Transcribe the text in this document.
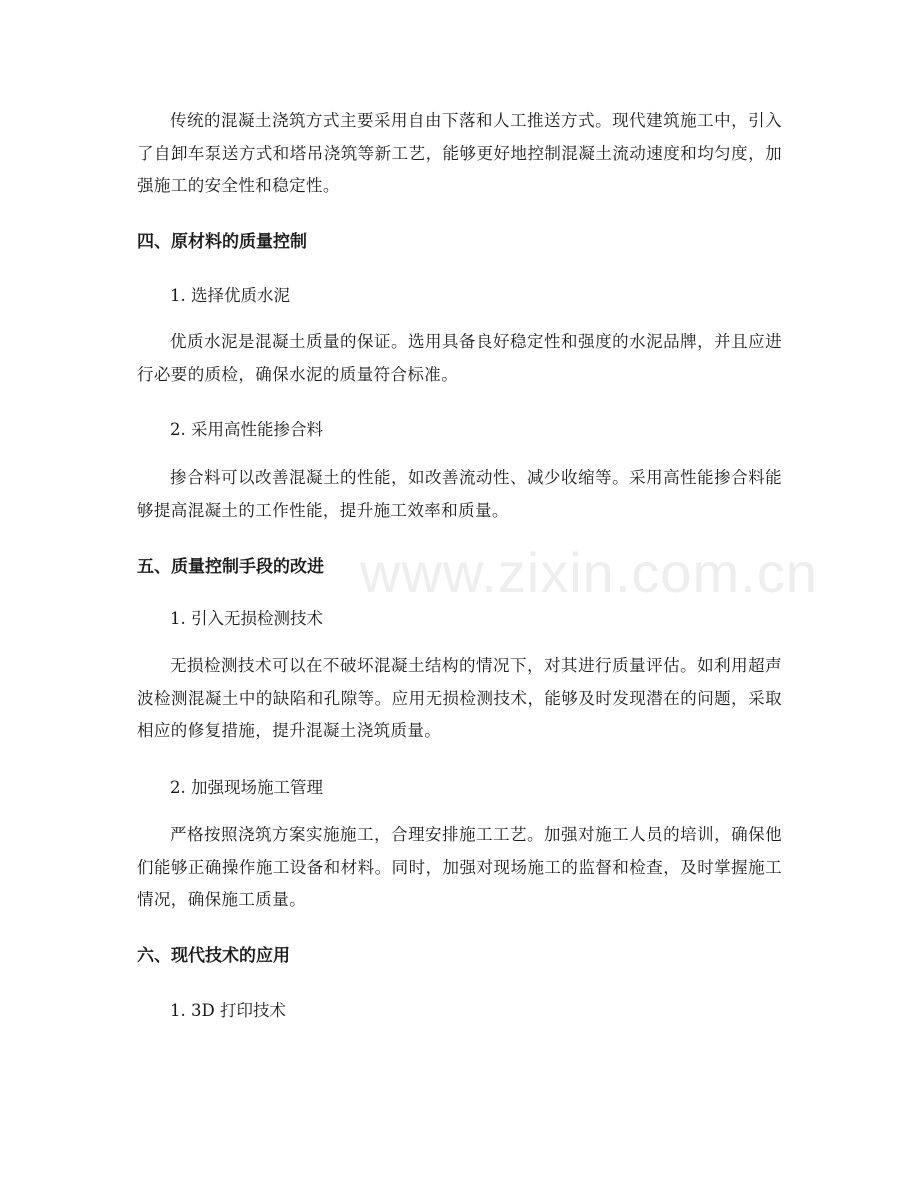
www.zixin.com.cn

传统的混凝土浇筑方式主要采用自由下落和人工推送方式。现代建筑施工中，引入了自卸车泵送方式和塔吊浇筑等新工艺，能够更好地控制混凝土流动速度和均匀度，加强施工的安全性和稳定性。

四、原材料的质量控制

1. 选择优质水泥

优质水泥是混凝土质量的保证。选用具备良好稳定性和强度的水泥品牌，并且应进行必要的质检，确保水泥的质量符合标准。

2. 采用高性能掺合料

掺合料可以改善混凝土的性能，如改善流动性、减少收缩等。采用高性能掺合料能够提高混凝土的工作性能，提升施工效率和质量。

五、质量控制手段的改进

1. 引入无损检测技术

无损检测技术可以在不破坏混凝土结构的情况下，对其进行质量评估。如利用超声波检测混凝土中的缺陷和孔隙等。应用无损检测技术，能够及时发现潜在的问题，采取相应的修复措施，提升混凝土浇筑质量。

2. 加强现场施工管理

严格按照浇筑方案实施施工，合理安排施工工艺。加强对施工人员的培训，确保他们能够正确操作施工设备和材料。同时，加强对现场施工的监督和检查，及时掌握施工情况，确保施工质量。

六、现代技术的应用

1. 3D 打印技术
